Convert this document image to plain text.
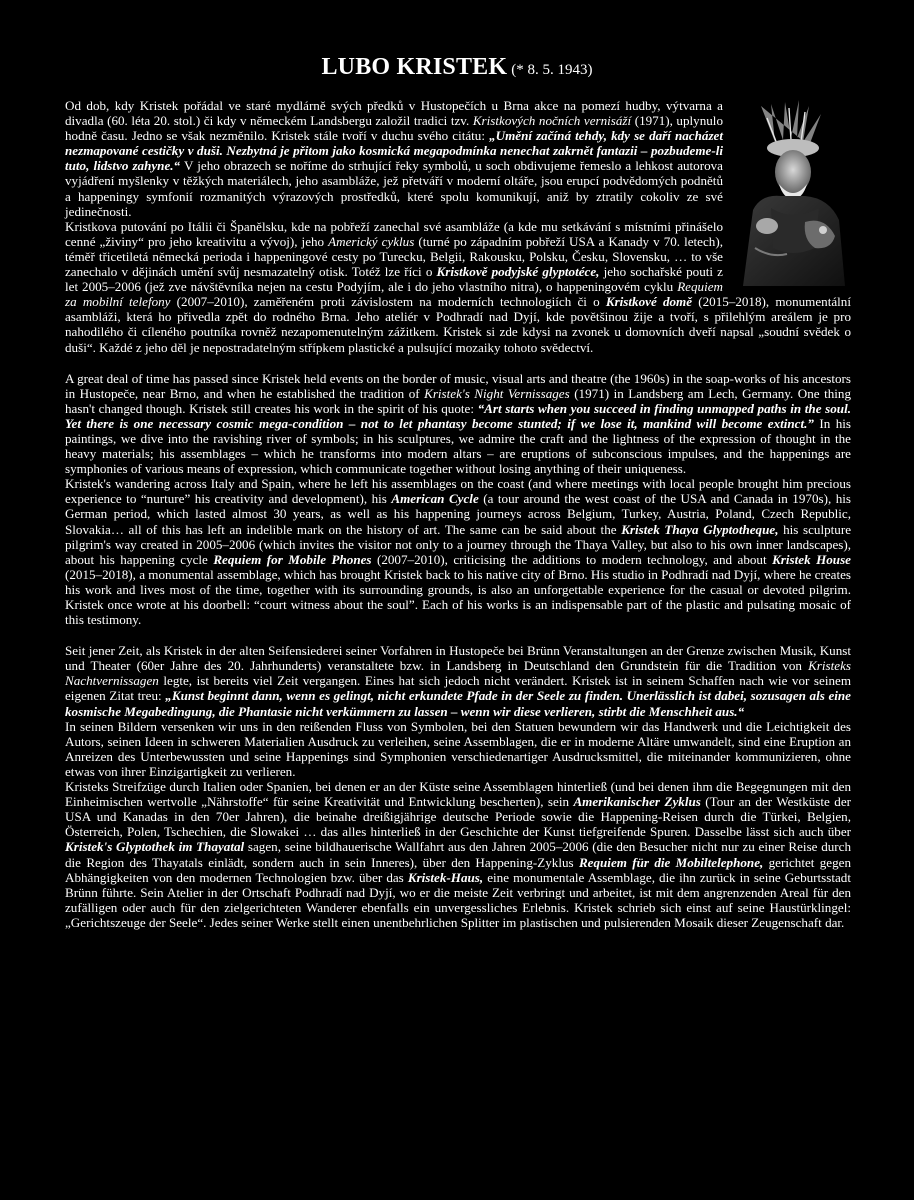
LUBO KRISTEK (* 8. 5. 1943)

Od dob, kdy Kristek pořádal ve staré mydlárně svých předků v Hustopečích u Brna akce na pomezí hudby, výtvarna a divadla (60. léta 20. stol.) či kdy v německém Landsbergu založil tradici tzv. Kristkových nočních vernisáží (1971), uplynulo hodně času. Jedno se však nezměnilo. Kristek stále tvoří v duchu svého citátu: „Umění začíná tehdy, kdy se daří nacházet nezmapované cestičky v duši. Nezbytná je přitom jako kosmická megapodmínka nenechat zakrnět fantazii – pozbudeme-li tuto, lidstvo zahyne.“ V jeho obrazech se noříme do strhující řeky symbolů, u soch obdivujeme řemeslo a lehkost autorova vyjádření myšlenky v těžkých materiálech, jeho asambláže, jež přetváří v moderní oltáře, jsou erupcí podvědomých podnětů a happeningy symfonií rozmanitých výrazových prostředků, které spolu komunikují, aniž by ztratily cokoliv ze své jedinečnosti.

Kristkova putování po Itálii či Španělsku, kde na pobřeží zanechal své asambláže (a kde mu setkávání s místními přinášelo cenné „živiny“ pro jeho kreativitu a vývoj), jeho Americký cyklus (turné po západním pobřeží USA a Kanady v 70. letech), téměř třicetiletá německá perioda i happeningové cesty po Turecku, Belgii, Rakousku, Polsku, Česku, Slovensku, … to vše zanechalo v dějinách umění svůj nesmazatelný otisk. Totéž lze říci o Kristkově podyjské glyptotéce, jeho sochařské pouti z let 2005–2006 (jež zve návštěvníka nejen na cestu Podyjím, ale i do jeho vlastního nitra), o happeningovém cyklu Requiem za mobilní telefony (2007–2010), zaměřeném proti závislostem na moderních technologiích či o Kristkové domě (2015–2018), monumentální asambláži, která ho přivedla zpět do rodného Brna. Jeho ateliér v Podhradí nad Dyjí, kde povětšinou žije a tvoří, s přilehlým areálem je pro nahodilého či cíleného poutníka rovněž nezapomenutelným zážitkem. Kristek si zde kdysi na zvonek u domovních dveří napsal „soudní svědek o duši“. Každé z jeho děl je nepostradatelným střípkem plastické a pulsující mozaiky tohoto svědectví.

A great deal of time has passed since Kristek held events on the border of music, visual arts and theatre (the 1960s) in the soap-works of his ancestors in Hustopeče, near Brno, and when he established the tradition of Kristek's Night Vernissages (1971) in Landsberg am Lech, Germany. One thing hasn't changed though. Kristek still creates his work in the spirit of his quote: “Art starts when you succeed in finding unmapped paths in the soul. Yet there is one necessary cosmic mega-condition – not to let phantasy become stunted; if we lose it, mankind will become extinct.” In his paintings, we dive into the ravishing river of symbols; in his sculptures, we admire the craft and the lightness of the expression of thought in the heavy materials; his assemblages – which he transforms into modern altars – are eruptions of subconscious impulses, and the happenings are symphonies of various means of expression, which communicate together without losing anything of their uniqueness.

Kristek's wandering across Italy and Spain, where he left his assemblages on the coast (and where meetings with local people brought him precious experience to “nurture” his creativity and development), his American Cycle (a tour around the west coast of the USA and Canada in 1970s), his German period, which lasted almost 30 years, as well as his happening journeys across Belgium, Turkey, Austria, Poland, Czech Republic, Slovakia… all of this has left an indelible mark on the history of art. The same can be said about the Kristek Thaya Glyptotheque, his sculpture pilgrim's way created in 2005–2006 (which invites the visitor not only to a journey through the Thaya Valley, but also to his own inner landscapes), about his happening cycle Requiem for Mobile Phones (2007–2010), criticising the additions to modern technology, and about Kristek House (2015–2018), a monumental assemblage, which has brought Kristek back to his native city of Brno. His studio in Podhradí nad Dyjí, where he creates his work and lives most of the time, together with its surrounding grounds, is also an unforgettable experience for the casual or devoted pilgrim. Kristek once wrote at his doorbell: “court witness about the soul”. Each of his works is an indispensable part of the plastic and pulsating mosaic of this testimony.

Seit jener Zeit, als Kristek in der alten Seifensiederei seiner Vorfahren in Hustopeče bei Brünn Veranstaltungen an der Grenze zwischen Musik, Kunst und Theater (60er Jahre des 20. Jahrhunderts) veranstaltete bzw. in Landsberg in Deutschland den Grundstein für die Tradition von Kristeks Nachtvernissagen legte, ist bereits viel Zeit vergangen. Eines hat sich jedoch nicht verändert. Kristek ist in seinem Schaffen nach wie vor seinem eigenen Zitat treu: „Kunst beginnt dann, wenn es gelingt, nicht erkundete Pfade in der Seele zu finden. Unerlässlich ist dabei, sozusagen als eine kosmische Megabedingung, die Phantasie nicht verkümmern zu lassen – wenn wir diese verlieren, stirbt die Menschheit aus.“

In seinen Bildern versenken wir uns in den reißenden Fluss von Symbolen, bei den Statuen bewundern wir das Handwerk und die Leichtigkeit des Autors, seinen Ideen in schweren Materialien Ausdruck zu verleihen, seine Assemblagen, die er in moderne Altäre umwandelt, sind eine Eruption an Anreizen des Unterbewussten und seine Happenings sind Symphonien verschiedenartiger Ausdrucksmittel, die miteinander kommunizieren, ohne etwas von ihrer Einzigartigkeit zu verlieren.

Kristeks Streifzüge durch Italien oder Spanien, bei denen er an der Küste seine Assemblagen hinterließ (und bei denen ihm die Begegnungen mit den Einheimischen wertvolle „Nährstoffe“ für seine Kreativität und Entwicklung bescherten), sein Amerikanischer Zyklus (Tour an der Westküste der USA und Kanadas in den 70er Jahren), die beinahe dreißigjährige deutsche Periode sowie die Happening-Reisen durch die Türkei, Belgien, Österreich, Polen, Tschechien, die Slowakei … das alles hinterließ in der Geschichte der Kunst tiefgreifende Spuren. Dasselbe lässt sich auch über Kristek's Glyptothek im Thayatal sagen, seine bildhauerische Wallfahrt aus den Jahren 2005–2006 (die den Besucher nicht nur zu einer Reise durch die Region des Thayatals einlädt, sondern auch in sein Inneres), über den Happening-Zyklus Requiem für die Mobiltelephone, gerichtet gegen Abhängigkeiten von den modernen Technologien bzw. über das Kristek-Haus, eine monumentale Assemblage, die ihn zurück in seine Geburtsstadt Brünn führte. Sein Atelier in der Ortschaft Podhradí nad Dyjí, wo er die meiste Zeit verbringt und arbeitet, ist mit dem angrenzenden Areal für den zufälligen oder auch für den zielgerichteten Wanderer ebenfalls ein unvergessliches Erlebnis. Kristek schrieb sich einst auf seine Haustürklingel: „Gerichtszeuge der Seele“. Jedes seiner Werke stellt einen unentbehrlichen Splitter im plastischen und pulsierenden Mosaik dieser Zeugenschaft dar.
